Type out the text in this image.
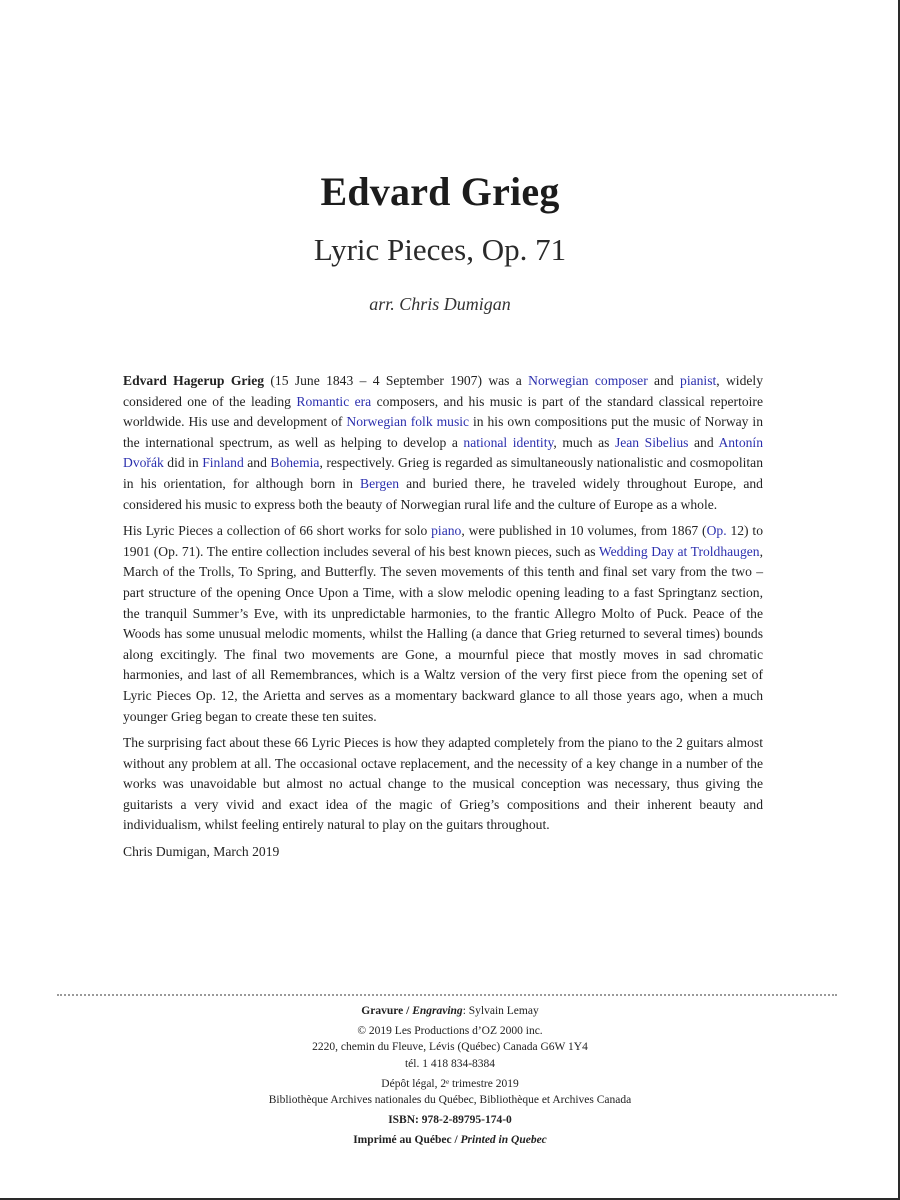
Edvard Grieg
Lyric Pieces, Op. 71
arr. Chris Dumigan

Edvard Hagerup Grieg (15 June 1843 – 4 September 1907) was a Norwegian composer and pianist, widely considered one of the leading Romantic era composers, and his music is part of the standard classical repertoire worldwide. His use and development of Norwegian folk music in his own compositions put the music of Norway in the international spectrum, as well as helping to develop a national identity, much as Jean Sibelius and Antonín Dvořák did in Finland and Bohemia, respectively. Grieg is regarded as simultaneously nationalistic and cosmopolitan in his orientation, for although born in Bergen and buried there, he traveled widely throughout Europe, and considered his music to express both the beauty of Norwegian rural life and the culture of Europe as a whole.

His Lyric Pieces a collection of 66 short works for solo piano, were published in 10 volumes, from 1867 (Op. 12) to 1901 (Op. 71). The entire collection includes several of his best known pieces, such as Wedding Day at Troldhaugen, March of the Trolls, To Spring, and Butterfly. The seven movements of this tenth and final set vary from the two – part structure of the opening Once Upon a Time, with a slow melodic opening leading to a fast Springtanz section, the tranquil Summer’s Eve, with its unpredictable harmonies, to the frantic Allegro Molto of Puck. Peace of the Woods has some unusual melodic moments, whilst the Halling (a dance that Grieg returned to several times) bounds along excitingly. The final two movements are Gone, a mournful piece that mostly moves in sad chromatic harmonies, and last of all Remembrances, which is a Waltz version of the very first piece from the opening set of Lyric Pieces Op. 12, the Arietta and serves as a momentary backward glance to all those years ago, when a much younger Grieg began to create these ten suites.

The surprising fact about these 66 Lyric Pieces is how they adapted completely from the piano to the 2 guitars almost without any problem at all. The occasional octave replacement, and the necessity of a key change in a number of the works was unavoidable but almost no actual change to the musical conception was necessary, thus giving the guitarists a very vivid and exact idea of the magic of Grieg’s compositions and their inherent beauty and individualism, whilst feeling entirely natural to play on the guitars throughout.

Chris Dumigan, March 2019

Gravure / Engraving: Sylvain Lemay
© 2019 Les Productions d’OZ 2000 inc.
2220, chemin du Fleuve, Lévis (Québec) Canada G6W 1Y4
tél. 1 418 834-8384
Dépôt légal, 2ᵉ trimestre 2019
Bibliothèque Archives nationales du Québec, Bibliothèque et Archives Canada
ISBN: 978-2-89795-174-0
Imprimé au Québec / Printed in Quebec
